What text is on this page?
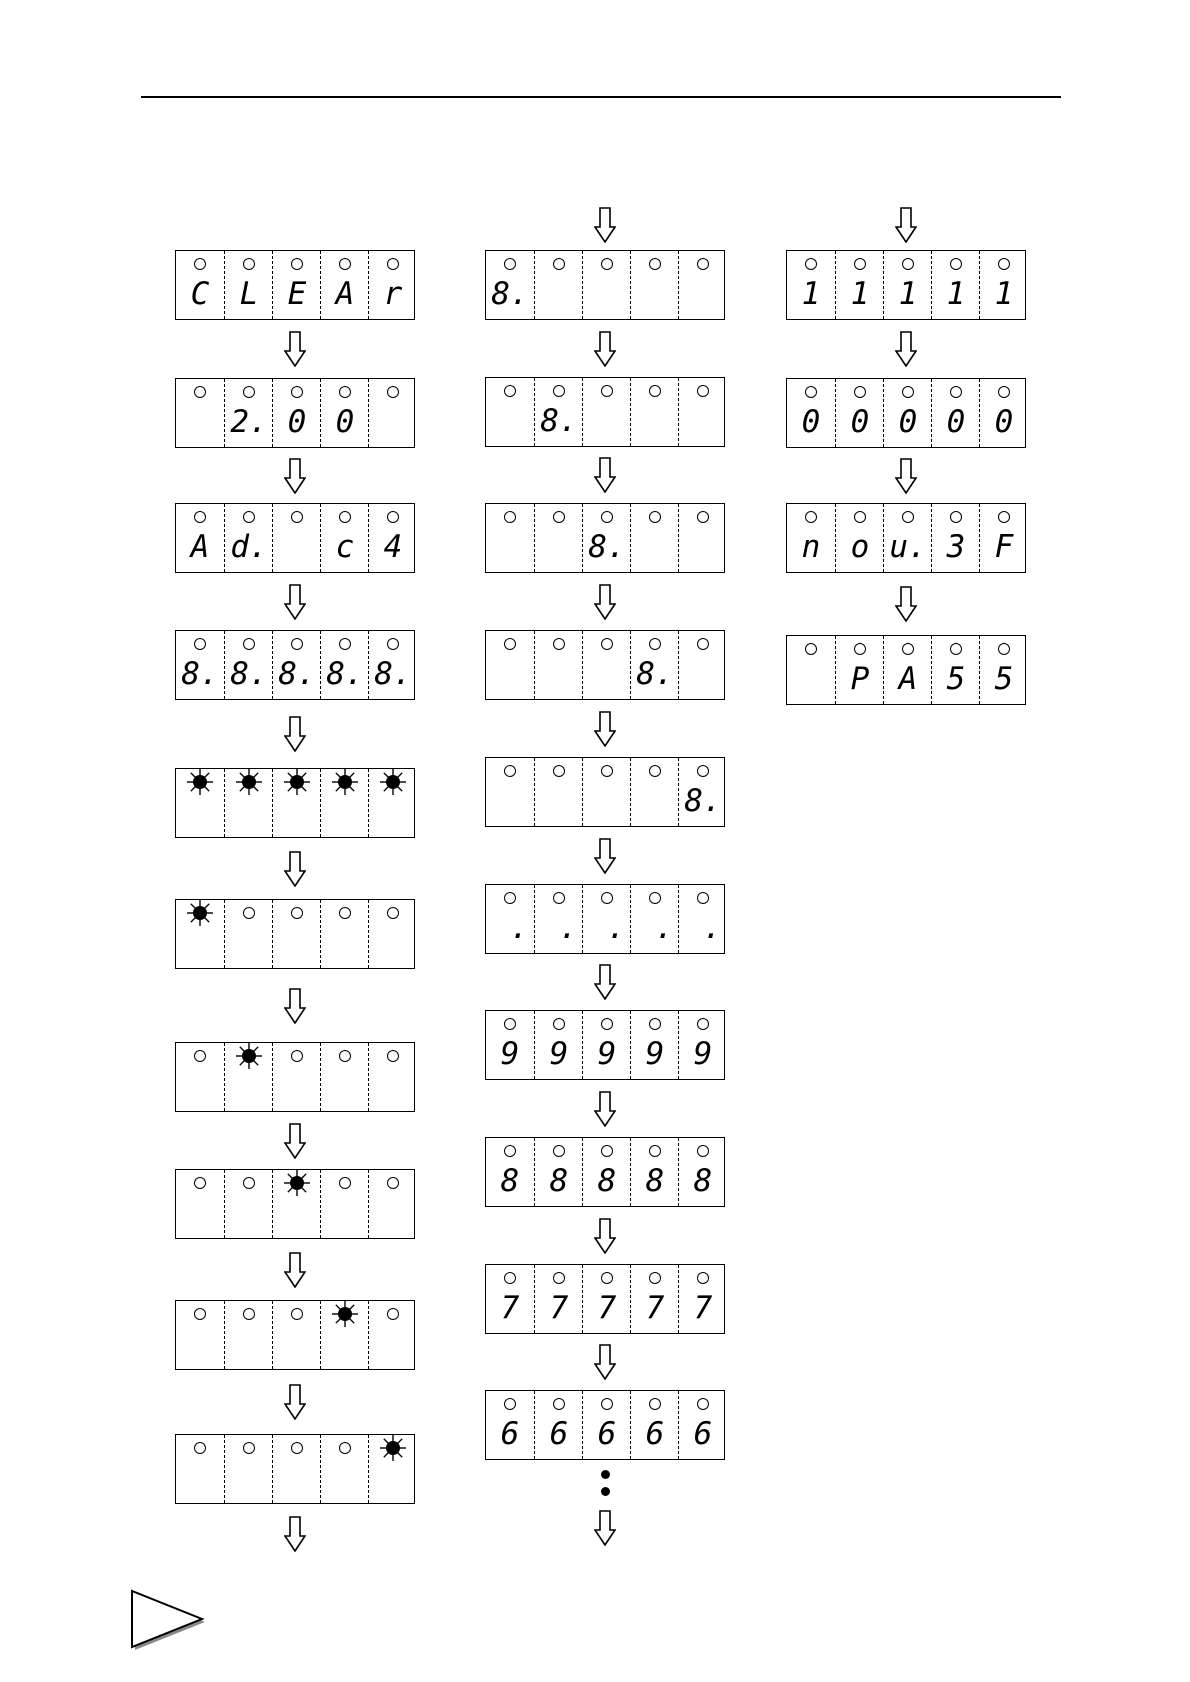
C L E A r
2. 0 0
A d.	c 4
8. 8. 8. 8. 8.
8.
8.
8.
8.
8.
. . . . .
9 9 9 9 9
8 8 8 8 8
7 7 7 7 7
6 6 6 6 6
1 1 1 1 1
0 0 0 0 0
n o u. 3 F
P A 5 5
